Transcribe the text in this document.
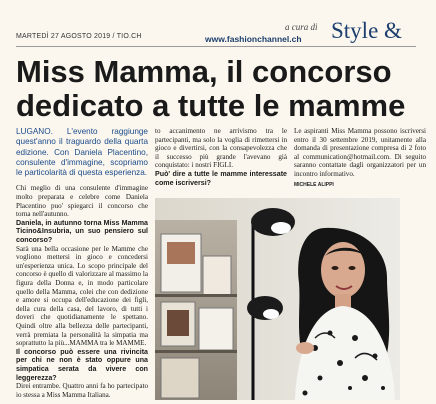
MARTEDÌ 27 AGOSTO 2019 / TIO.CH
a cura di
www.fashionchannel.ch Style &
Miss Mamma, il concorso
dedicato a tutte le mamme
LUGANO. L'evento raggiunge quest'anno il traguardo della quarta edizione. Con Daniela Placentino, consulente d'immagine, scopriamo le particolarità di questa esperienza.
Chi meglio di una consulente d'immagine molto preparata e celebre come Daniela Placentino puo' spiegarci il concorso che torna nell'autunno.
Daniela, in autunno torna Miss Mamma Ticino&Insubria, un suo pensiero sul concorso?
Sarà una bella occasione per le Mamme che vogliono mettersi in gioco e concedersi un'esperienza unica. Lo scopo principale del concorso è quello di valorizzare al massimo la figura della Donna e, in modo particolare quello della Mamma, colei che con dedizione e amore si occupa dell'educazione dei figli, della cura della casa, del lavoro, di tutti i doveri che quotidianamente le spettano. Quindi oltre alla bellezza delle partecipanti, verrà premiata la personalità la simpatia ma soprattutto la più...MAMMA tra le MAMME.
Il concorso può essere una rivincita per chi ne non è stato oppure una simpatica serata da vivere con leggerezza?
Direi entrambe. Quattro anni fa ho partecipato io stessa a Miss Mamma Italiana.
to accanimento ne arrivismo tra le partecipanti, ma solo la voglia di rimettersi in gioco e divertirsi, con la consapevolezza che il successo più grande l'avevano già conquistato: i nostri FIGLI.
Può' dire a tutte le mamme interessate come iscriversi?
Le aspiranti Miss Mamma possono iscriversi entro il 30 settembre 2019, unitamente alla domanda di presentazione compresa di 2 foto al communication@hotmail.com. Di seguito saranno contattate dagli organizzatori per un incontro informativo.
MICHELE ALIPPI
